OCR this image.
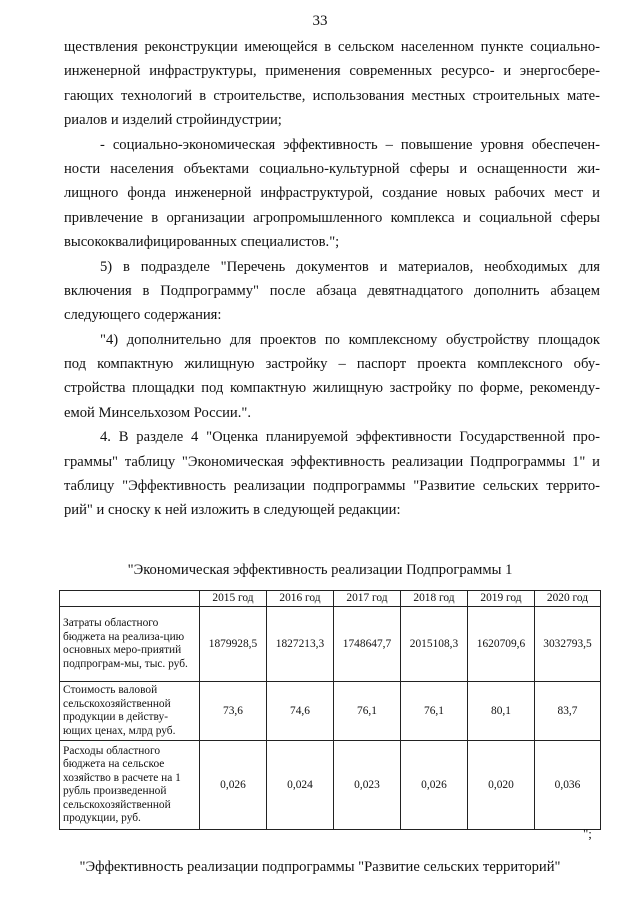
33
ществления реконструкции имеющейся в сельском населенном пункте социально-
инженерной инфраструктуры, применения современных ресурсо- и энергосбере-
гающих технологий в строительстве, использования местных строительных мате-
риалов и изделий стройиндустрии;
- социально-экономическая эффективность – повышение уровня обеспечен-
ности населения объектами социально-культурной сферы и оснащенности жи-
лищного фонда инженерной инфраструктурой, создание новых рабочих мест и
привлечение в организации агропромышленного комплекса и социальной сферы
высококвалифицированных специалистов.";
5) в подразделе "Перечень документов и материалов, необходимых для
включения в Подпрограмму" после абзаца девятнадцатого дополнить абзацем
следующего содержания:
"4) дополнительно для проектов по комплексному обустройству площадок
под компактную жилищную застройку – паспорт проекта комплексного обу-
стройства площадки под компактную жилищную застройку по форме, рекоменду-
емой Минсельхозом России.".
4. В разделе 4 "Оценка планируемой эффективности Государственной про-
граммы" таблицу "Экономическая эффективность реализации Подпрограммы 1" и
таблицу "Эффективность реализации подпрограммы "Развитие сельских террито-
рий" и сноску к ней изложить в следующей редакции:
"Экономическая эффективность реализации Подпрограммы 1
	2015 год	2016 год	2017 год	2018 год	2019 год	2020 год
Затраты областного бюджета на реализа-цию основных меро-приятий подпрограм-мы, тыс. руб.	1879928,5	1827213,3	1748647,7	2015108,3	1620709,6	3032793,5
Стоимость валовой сельскохозяйственной продукции в действу-ющих ценах, млрд руб.	73,6	74,6	76,1	76,1	80,1	83,7
Расходы областного бюджета на сельское хозяйство в расчете на 1 рубль произведенной сельскохозяйственной продукции, руб.	0,026	0,024	0,023	0,026	0,020	0,036
";
"Эффективность реализации подпрограммы "Развитие сельских территорий"
